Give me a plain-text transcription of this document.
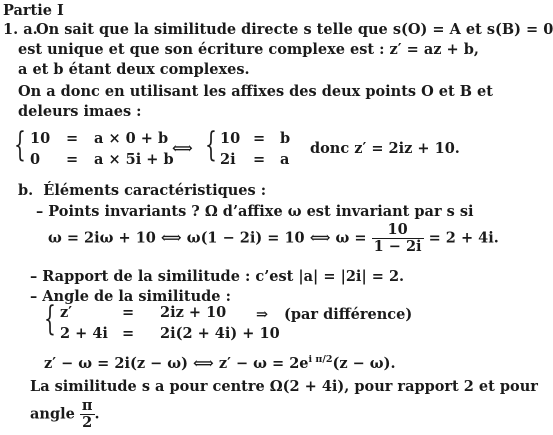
Partie I
1. a.
On sait que la similitude directe s telle que s(O) = A et s(B) = 0
est unique et que son écriture complexe est : z′ = az + b,
a et b étant deux complexes.
On a donc en utilisant les affixes des deux points O et B et
deleurs imaes :
{ 10 = a × 0 + b
0 = a × 5i + b
⟺ { 10 = b
2i = a
donc z′ = 2iz + 10.
b. Éléments caractéristiques :
– Points invariants ? Ω d’affixe ω est invariant par s si
ω = 2iω + 10 ⟺ ω(1 − 2i) = 10 ⟺ $\omega = \frac{10}{1 - 2i} = 2 + 4i$.
– Rapport de la similitude : c’est |a| = |2i| = 2.
– Angle de la similitude :
{ z′	= 2iz + 10
2 + 4i = 2i(2 + 4i) + 10
⇒ (par différence)
z′ − ω = 2i(z − ω) ⟺ $z' - \omega = 2e^{i \pi/2}(z - \omega)$.
La similitude s a pour centre Ω(2 + 4i), pour rapport 2 et pour
angle $\frac{\pi}{2}$ .
